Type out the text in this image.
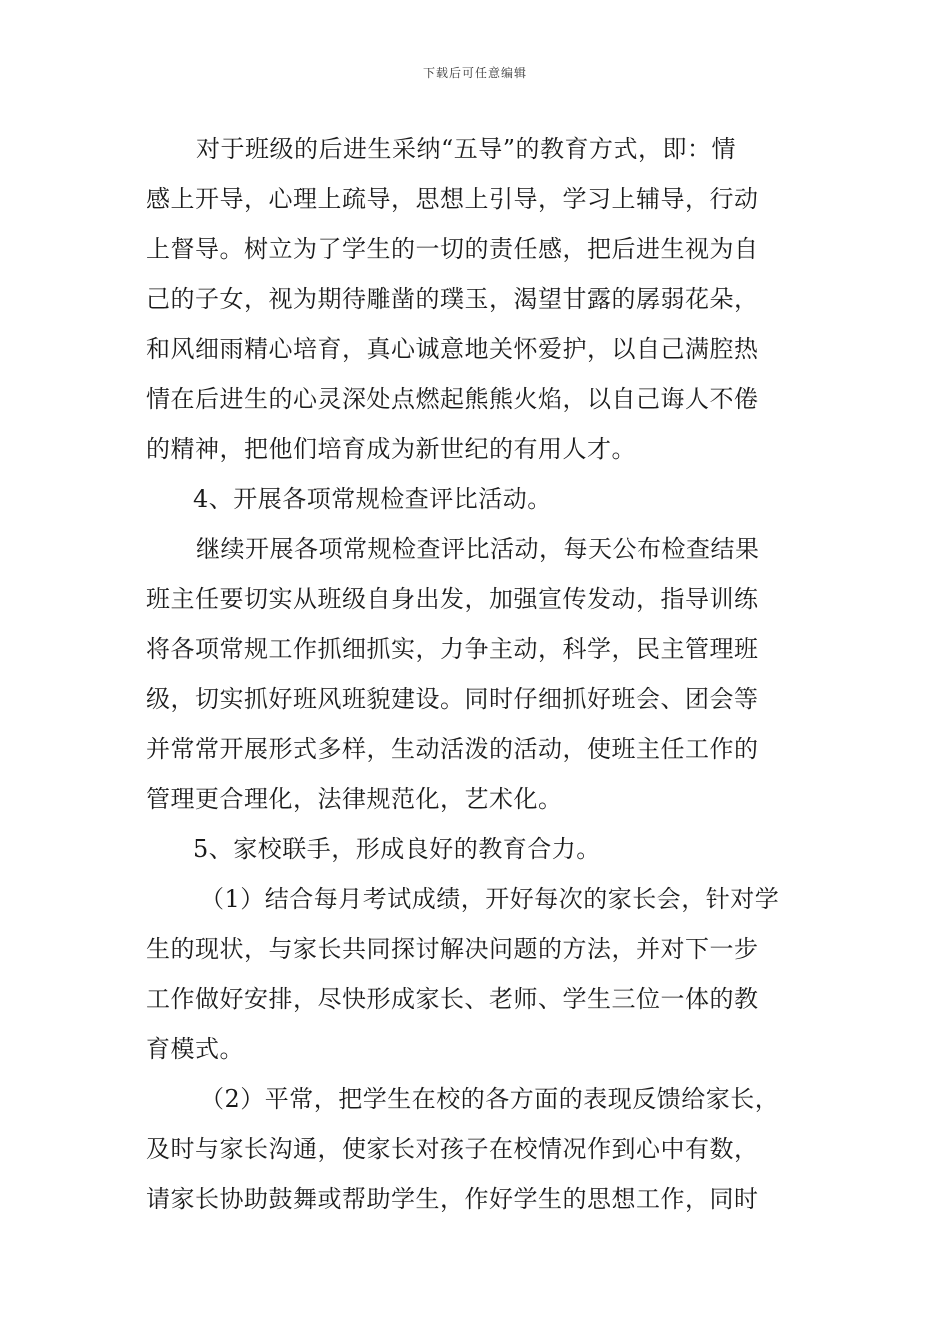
下载后可任意编辑
对于班级的后进生采纳“五导”的教育方式，即：情
感上开导，心理上疏导，思想上引导，学习上辅导，行动
上督导。树立为了学生的一切的责任感，把后进生视为自
己的子女，视为期待雕凿的璞玉，渴望甘露的孱弱花朵，
和风细雨精心培育，真心诚意地关怀爱护，以自己满腔热
情在后进生的心灵深处点燃起熊熊火焰，以自己诲人不倦
的精神，把他们培育成为新世纪的有用人才。
4、开展各项常规检查评比活动。
继续开展各项常规检查评比活动，每天公布检查结果
班主任要切实从班级自身出发，加强宣传发动，指导训练
将各项常规工作抓细抓实，力争主动，科学，民主管理班
级，切实抓好班风班貌建设。同时仔细抓好班会、团会等
并常常开展形式多样，生动活泼的活动，使班主任工作的
管理更合理化，法律规范化，艺术化。
5、家校联手，形成良好的教育合力。
（1）结合每月考试成绩，开好每次的家长会，针对学
生的现状，与家长共同探讨解决问题的方法，并对下一步
工作做好安排，尽快形成家长、老师、学生三位一体的教
育模式。
（2）平常，把学生在校的各方面的表现反馈给家长，
及时与家长沟通，使家长对孩子在校情况作到心中有数，
请家长协助鼓舞或帮助学生，作好学生的思想工作，同时
